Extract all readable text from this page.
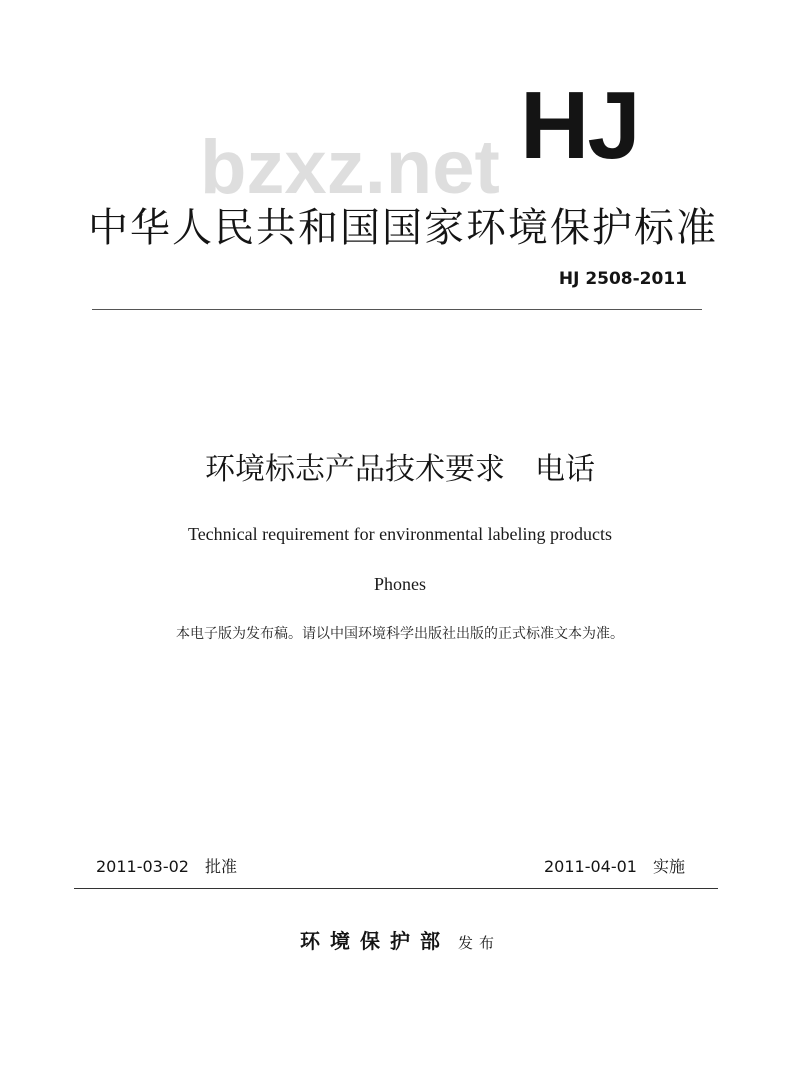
HJ
bzxz.net
中华人民共和国国家环境保护标准
HJ 2508-2011
环境标志产品技术要求　电话
Technical requirement for environmental labeling products
Phones
本电子版为发布稿。请以中国环境科学出版社出版的正式标准文本为准。
2011-03-02　批准	2011-04-01　实施
环境保护部 发布
